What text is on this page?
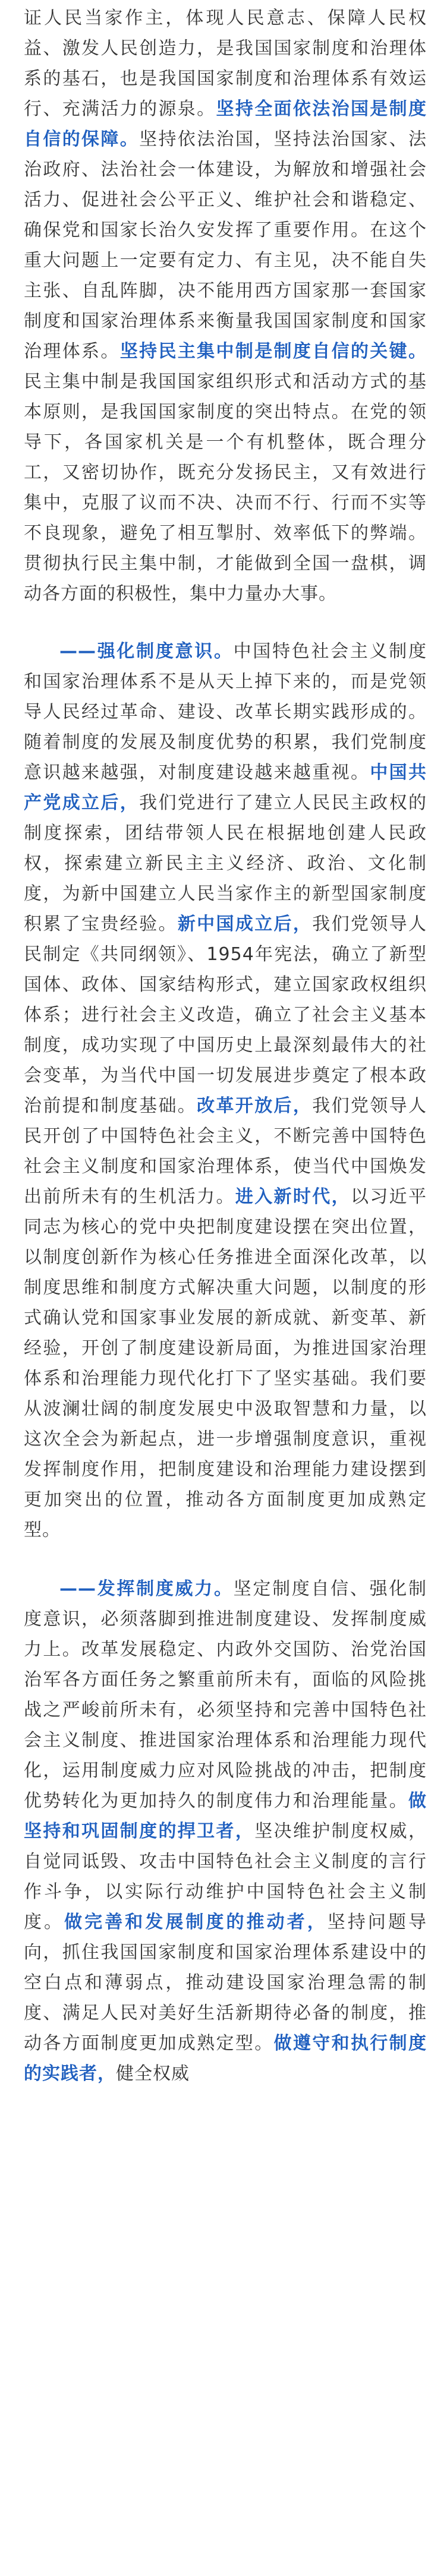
证人民当家作主，体现人民意志、保障人民权益、激发人民创造力，是我国国家制度和治理体系的基石，也是我国国家制度和治理体系有效运行、充满活力的源泉。坚持全面依法治国是制度自信的保障。坚持依法治国，坚持法治国家、法治政府、法治社会一体建设，为解放和增强社会活力、促进社会公平正义、维护社会和谐稳定、确保党和国家长治久安发挥了重要作用。在这个重大问题上一定要有定力、有主见，决不能自失主张、自乱阵脚，决不能用西方国家那一套国家制度和国家治理体系来衡量我国国家制度和国家治理体系。坚持民主集中制是制度自信的关键。民主集中制是我国国家组织形式和活动方式的基本原则，是我国国家制度的突出特点。在党的领导下，各国家机关是一个有机整体，既合理分工，又密切协作，既充分发扬民主，又有效进行集中，克服了议而不决、决而不行、行而不实等不良现象，避免了相互掣肘、效率低下的弊端。贯彻执行民主集中制，才能做到全国一盘棋，调动各方面的积极性，集中力量办大事。

——强化制度意识。中国特色社会主义制度和国家治理体系不是从天上掉下来的，而是党领导人民经过革命、建设、改革长期实践形成的。随着制度的发展及制度优势的积累，我们党制度意识越来越强，对制度建设越来越重视。中国共产党成立后，我们党进行了建立人民民主政权的制度探索，团结带领人民在根据地创建人民政权，探索建立新民主主义经济、政治、文化制度，为新中国建立人民当家作主的新型国家制度积累了宝贵经验。新中国成立后，我们党领导人民制定《共同纲领》、1954年宪法，确立了新型国体、政体、国家结构形式，建立国家政权组织体系；进行社会主义改造，确立了社会主义基本制度，成功实现了中国历史上最深刻最伟大的社会变革，为当代中国一切发展进步奠定了根本政治前提和制度基础。改革开放后，我们党领导人民开创了中国特色社会主义，不断完善中国特色社会主义制度和国家治理体系，使当代中国焕发出前所未有的生机活力。进入新时代，以习近平同志为核心的党中央把制度建设摆在突出位置，以制度创新作为核心任务推进全面深化改革，以制度思维和制度方式解决重大问题，以制度的形式确认党和国家事业发展的新成就、新变革、新经验，开创了制度建设新局面，为推进国家治理体系和治理能力现代化打下了坚实基础。我们要从波澜壮阔的制度发展史中汲取智慧和力量，以这次全会为新起点，进一步增强制度意识，重视发挥制度作用，把制度建设和治理能力建设摆到更加突出的位置，推动各方面制度更加成熟定型。

——发挥制度威力。坚定制度自信、强化制度意识，必须落脚到推进制度建设、发挥制度威力上。改革发展稳定、内政外交国防、治党治国治军各方面任务之繁重前所未有，面临的风险挑战之严峻前所未有，必须坚持和完善中国特色社会主义制度、推进国家治理体系和治理能力现代化，运用制度威力应对风险挑战的冲击，把制度优势转化为更加持久的制度伟力和治理能量。做坚持和巩固制度的捍卫者，坚决维护制度权威，自觉同诋毁、攻击中国特色社会主义制度的言行作斗争，以实际行动维护中国特色社会主义制度。做完善和发展制度的推动者，坚持问题导向，抓住我国国家制度和国家治理体系建设中的空白点和薄弱点，推动建设国家治理急需的制度、满足人民对美好生活新期待必备的制度，推动各方面制度更加成熟定型。做遵守和执行制度的实践者，健全权威
